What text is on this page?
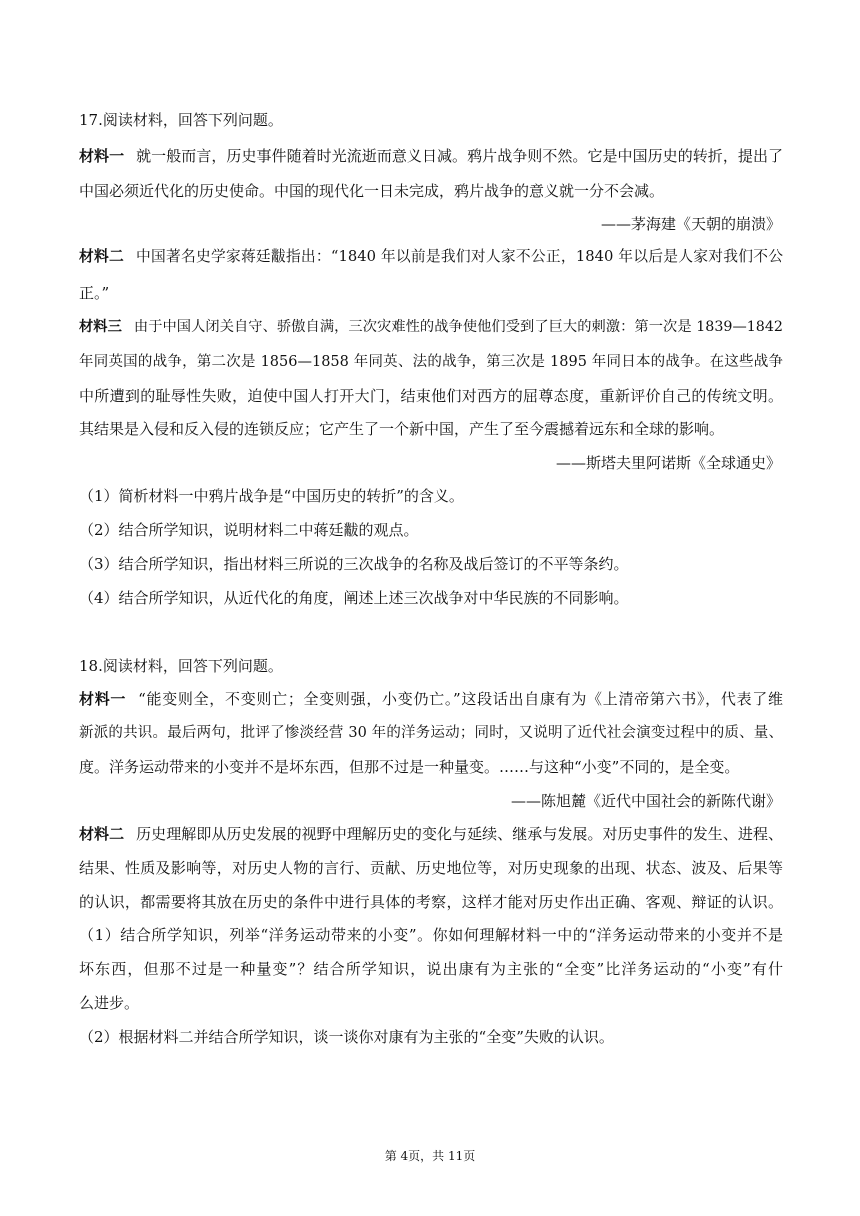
17.阅读材料，回答下列问题。
材料一 就一般而言，历史事件随着时光流逝而意义日减。鸦片战争则不然。它是中国历史的转折，提出了
中国必须近代化的历史使命。中国的现代化一日未完成，鸦片战争的意义就一分不会减。
——茅海建《天朝的崩溃》
材料二 中国著名史学家蒋廷黻指出：“1840 年以前是我们对人家不公正，1840 年以后是人家对我们不公
正。”
材料三 由于中国人闭关自守、骄傲自满，三次灾难性的战争使他们受到了巨大的刺激：第一次是 1839—1842
年同英国的战争，第二次是 1856—1858 年同英、法的战争，第三次是 1895 年同日本的战争。在这些战争
中所遭到的耻辱性失败，迫使中国人打开大门，结束他们对西方的屈尊态度，重新评价自己的传统文明。
其结果是入侵和反入侵的连锁反应；它产生了一个新中国，产生了至今震撼着远东和全球的影响。
——斯塔夫里阿诺斯《全球通史》
（1）简析材料一中鸦片战争是“中国历史的转折”的含义。
（2）结合所学知识，说明材料二中蒋廷黻的观点。
（3）结合所学知识，指出材料三所说的三次战争的名称及战后签订的不平等条约。
（4）结合所学知识，从近代化的角度，阐述上述三次战争对中华民族的不同影响。
18.阅读材料，回答下列问题。
材料一 “能变则全，不变则亡；全变则强，小变仍亡。”这段话出自康有为《上清帝第六书》，代表了维
新派的共识。最后两句，批评了惨淡经营 30 年的洋务运动；同时，又说明了近代社会演变过程中的质、量、
度。洋务运动带来的小变并不是坏东西，但那不过是一种量变。……与这种“小变”不同的，是全变。
——陈旭麓《近代中国社会的新陈代谢》
材料二 历史理解即从历史发展的视野中理解历史的变化与延续、继承与发展。对历史事件的发生、进程、
结果、性质及影响等，对历史人物的言行、贡献、历史地位等，对历史现象的出现、状态、波及、后果等
的认识，都需要将其放在历史的条件中进行具体的考察，这样才能对历史作出正确、客观、辩证的认识。
（1）结合所学知识，列举“洋务运动带来的小变”。你如何理解材料一中的“洋务运动带来的小变并不是
坏东西，但那不过是一种量变”？结合所学知识，说出康有为主张的“全变”比洋务运动的“小变”有什
么进步。
（2）根据材料二并结合所学知识，谈一谈你对康有为主张的“全变”失败的认识。
第 4页，共 11页
